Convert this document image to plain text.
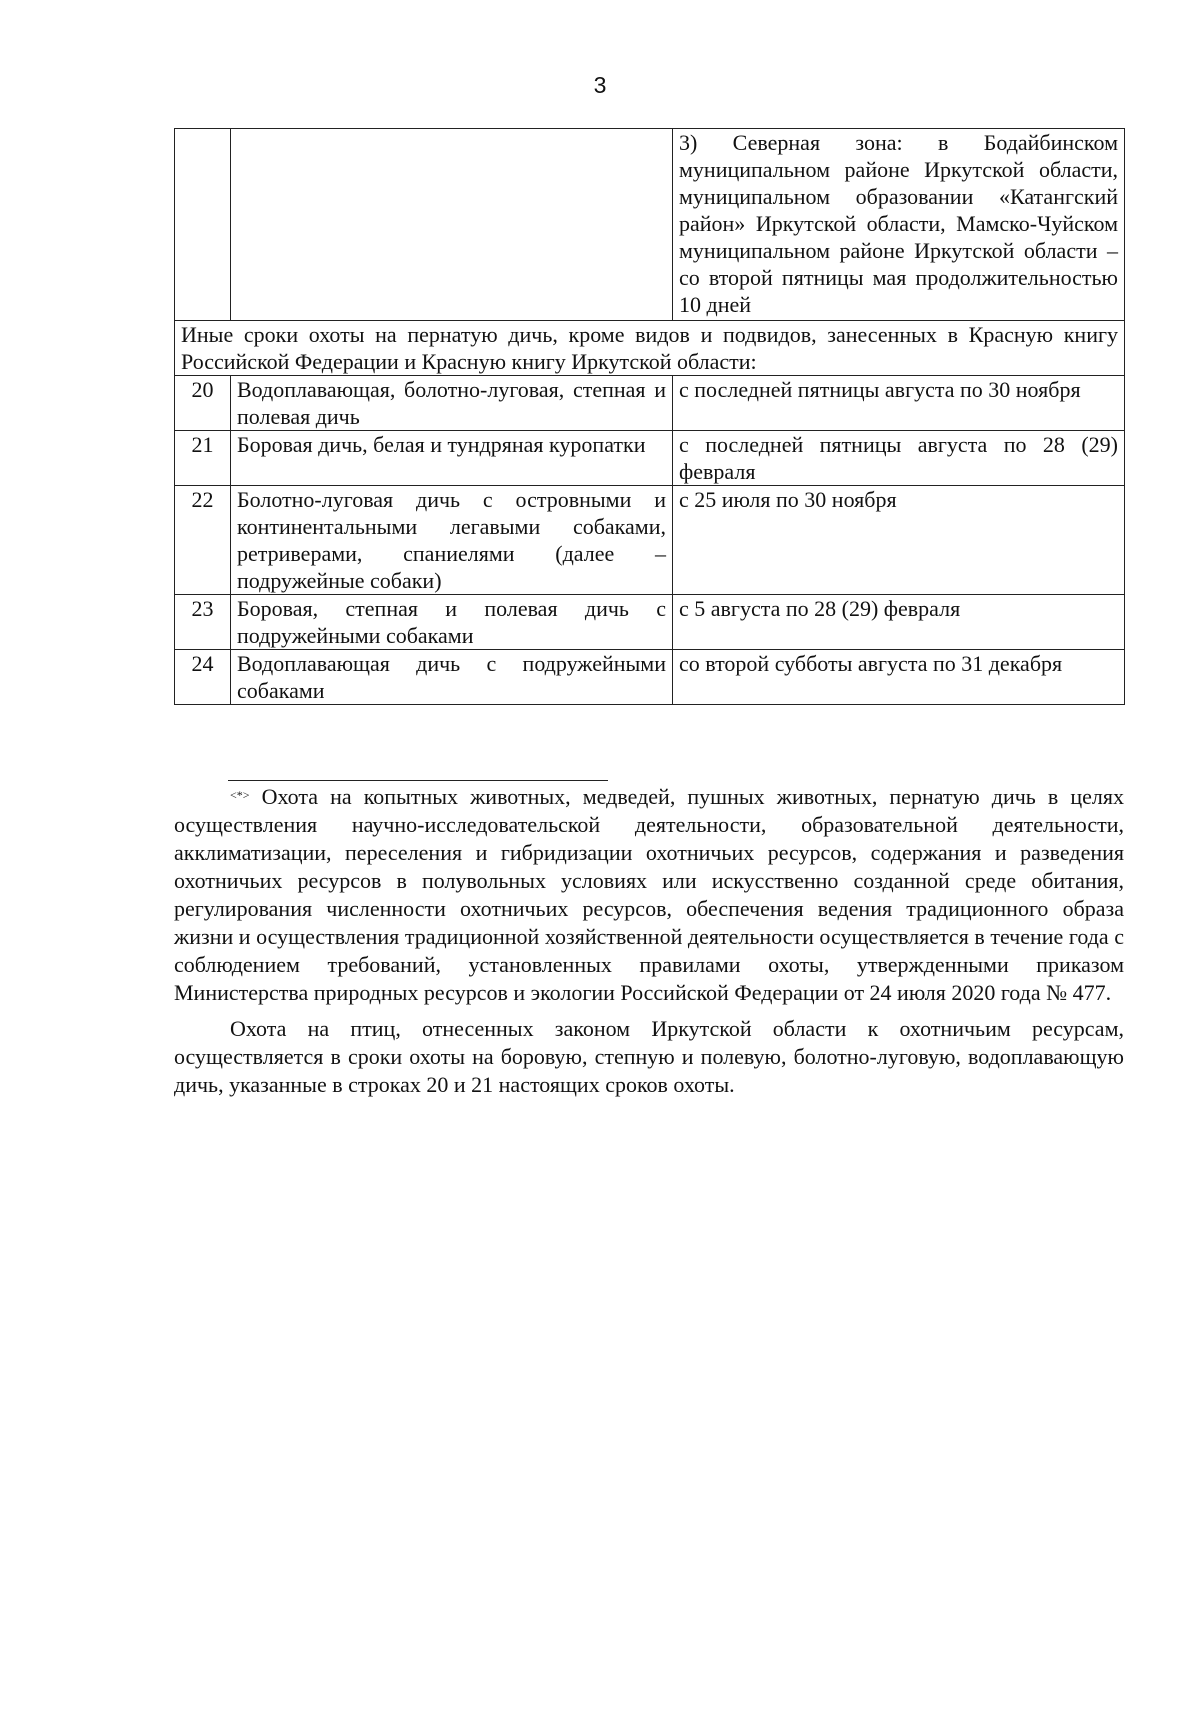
3
		3) Северная зона: в Бодайбинском муниципальном районе Иркутской области, муниципальном образовании «Катангский район» Иркутской области, Мамско-Чуйском муниципальном районе Иркутской области – со второй пятницы мая продолжительностью 10 дней
Иные сроки охоты на пернатую дичь, кроме видов и подвидов, занесенных в Красную книгу Российской Федерации и Красную книгу Иркутской области:		
20	Водоплавающая, болотно-луговая, степная и полевая дичь	с последней пятницы августа по 30 ноября
21	Боровая дичь, белая и тундряная куропатки	с последней пятницы августа по 28 (29) февраля
22	Болотно-луговая дичь с островными и континентальными легавыми собаками, ретриверами, спаниелями (далее – подружейные собаки)	с 25 июля по 30 ноября
23	Боровая, степная и полевая дичь с подружейными собаками	с 5 августа по 28 (29) февраля
24	Водоплавающая дичь с подружейными собаками	со второй субботы августа по 31 декабря

<*> Охота на копытных животных, медведей, пушных животных, пернатую дичь в целях осуществления научно-исследовательской деятельности, образовательной деятельности, акклиматизации, переселения и гибридизации охотничьих ресурсов, содержания и разведения охотничьих ресурсов в полувольных условиях или искусственно созданной среде обитания, регулирования численности охотничьих ресурсов, обеспечения ведения традиционного образа жизни и осуществления традиционной хозяйственной деятельности осуществляется в течение года с соблюдением требований, установленных правилами охоты, утвержденными приказом Министерства природных ресурсов и экологии Российской Федерации от 24 июля 2020 года № 477.

Охота на птиц, отнесенных законом Иркутской области к охотничьим ресурсам, осуществляется в сроки охоты на боровую, степную и полевую, болотно-луговую, водоплавающую дичь, указанные в строках 20 и 21 настоящих сроков охоты.
